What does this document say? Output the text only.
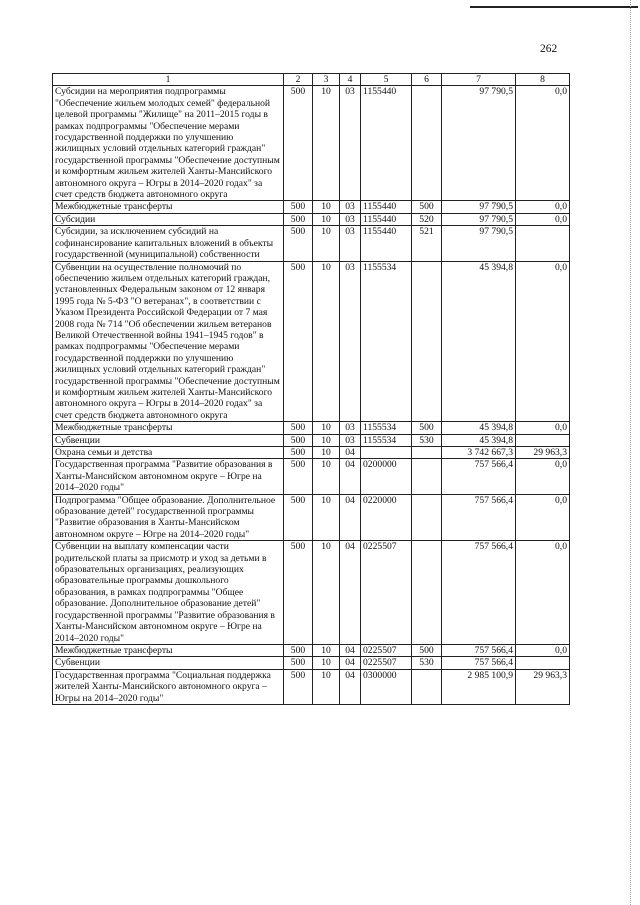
262
1	2	3	4	5	6	7	8
Субсидии на мероприятия подпрограммы "Обеспечение жильем молодых семей" федеральной целевой программы "Жилище" на 2011–2015 годы в рамках подпрограммы "Обеспечение мерами государственной поддержки по улучшению жилищных условий отдельных категорий граждан" государственной программы "Обеспечение доступным и комфортным жильем жителей Ханты-Мансийского автономного округа – Югры в 2014–2020 годах" за счет средств бюджета автономного округа	500	10	03	1155440		97 790,5	0,0
Межбюджетные трансферты	500	10	03	1155440	500	97 790,5	0,0
Субсидии	500	10	03	1155440	520	97 790,5	0,0
Субсидии, за исключением субсидий на софинансирование капитальных вложений в объекты государственной (муниципальной) собственности	500	10	03	1155440	521	97 790,5	
Субвенции на осуществление полномочий по обеспечению жильем отдельных категорий граждан, установленных Федеральным законом от 12 января 1995 года № 5-ФЗ "О ветеранах", в соответствии с Указом Президента Российской Федерации от 7 мая 2008 года № 714 "Об обеспечении жильем ветеранов Великой Отечественной войны 1941–1945 годов" в рамках подпрограммы "Обеспечение мерами государственной поддержки по улучшению жилищных условий отдельных категорий граждан" государственной программы "Обеспечение доступным и комфортным жильем жителей Ханты-Мансийского автономного округа – Югры в 2014–2020 годах" за счет средств бюджета автономного округа	500	10	03	1155534		45 394,8	0,0
Межбюджетные трансферты	500	10	03	1155534	500	45 394,8	0,0
Субвенции	500	10	03	1155534	530	45 394,8	
Охрана семьи и детства	500	10	04			3 742 667,3	29 963,3
Государственная программа "Развитие образования в Ханты-Мансийском автономном округе – Югре на 2014–2020 годы"	500	10	04	0200000		757 566,4	0,0
Подпрограмма "Общее образование. Дополнительное образование детей" государственной программы "Развитие образования в Ханты-Мансийском автономном округе – Югре на 2014–2020 годы"	500	10	04	0220000		757 566,4	0,0
Субвенции на выплату компенсации части родительской платы за присмотр и уход за детьми в образовательных организациях, реализующих образовательные программы дошкольного образования, в рамках подпрограммы "Общее образование. Дополнительное образование детей" государственной программы "Развитие образования в Ханты-Мансийском автономном округе – Югре на 2014–2020 годы"	500	10	04	0225507		757 566,4	0,0
Межбюджетные трансферты	500	10	04	0225507	500	757 566,4	0,0
Субвенции	500	10	04	0225507	530	757 566,4	
Государственная программа "Социальная поддержка жителей Ханты-Мансийского автономного округа – Югры на 2014–2020 годы"	500	10	04	0300000		2 985 100,9	29 963,3
